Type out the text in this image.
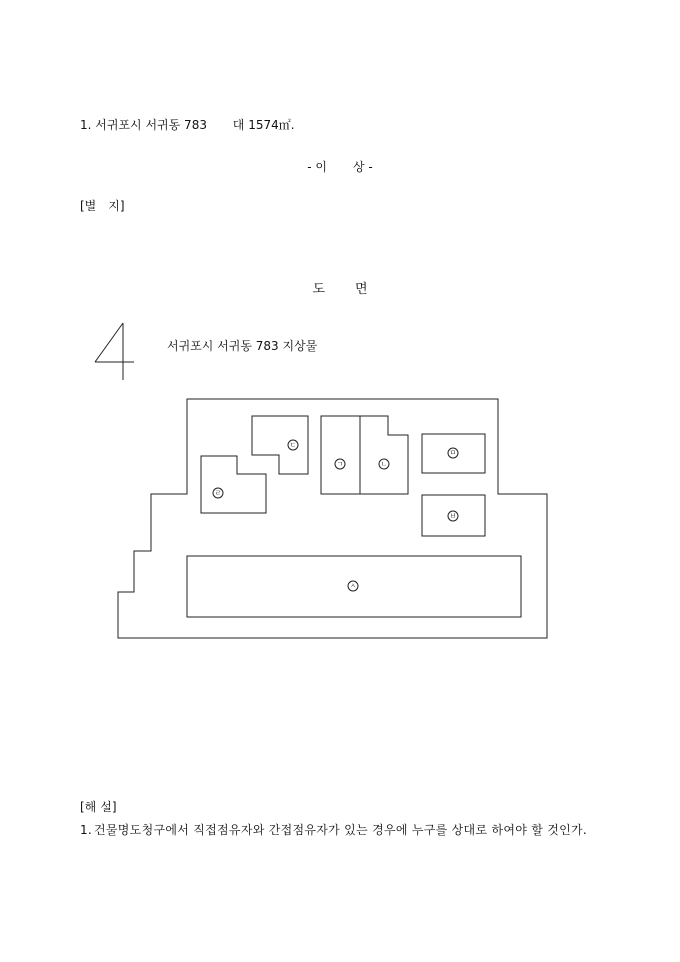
1. 서귀포시 서귀동 783 대 1574㎡.
- 이 상 -
[별 지]
도 면
서귀포시 서귀동 783 지상물
ㄷ
ㄹ
ㄱ	ㄴ
ㅁ
ㅂ
ㅅ
[해 설]
1. 건물명도청구에서 직접점유자와 간접점유자가 있는 경우에 누구를 상대로 하여야 할 것인가.
